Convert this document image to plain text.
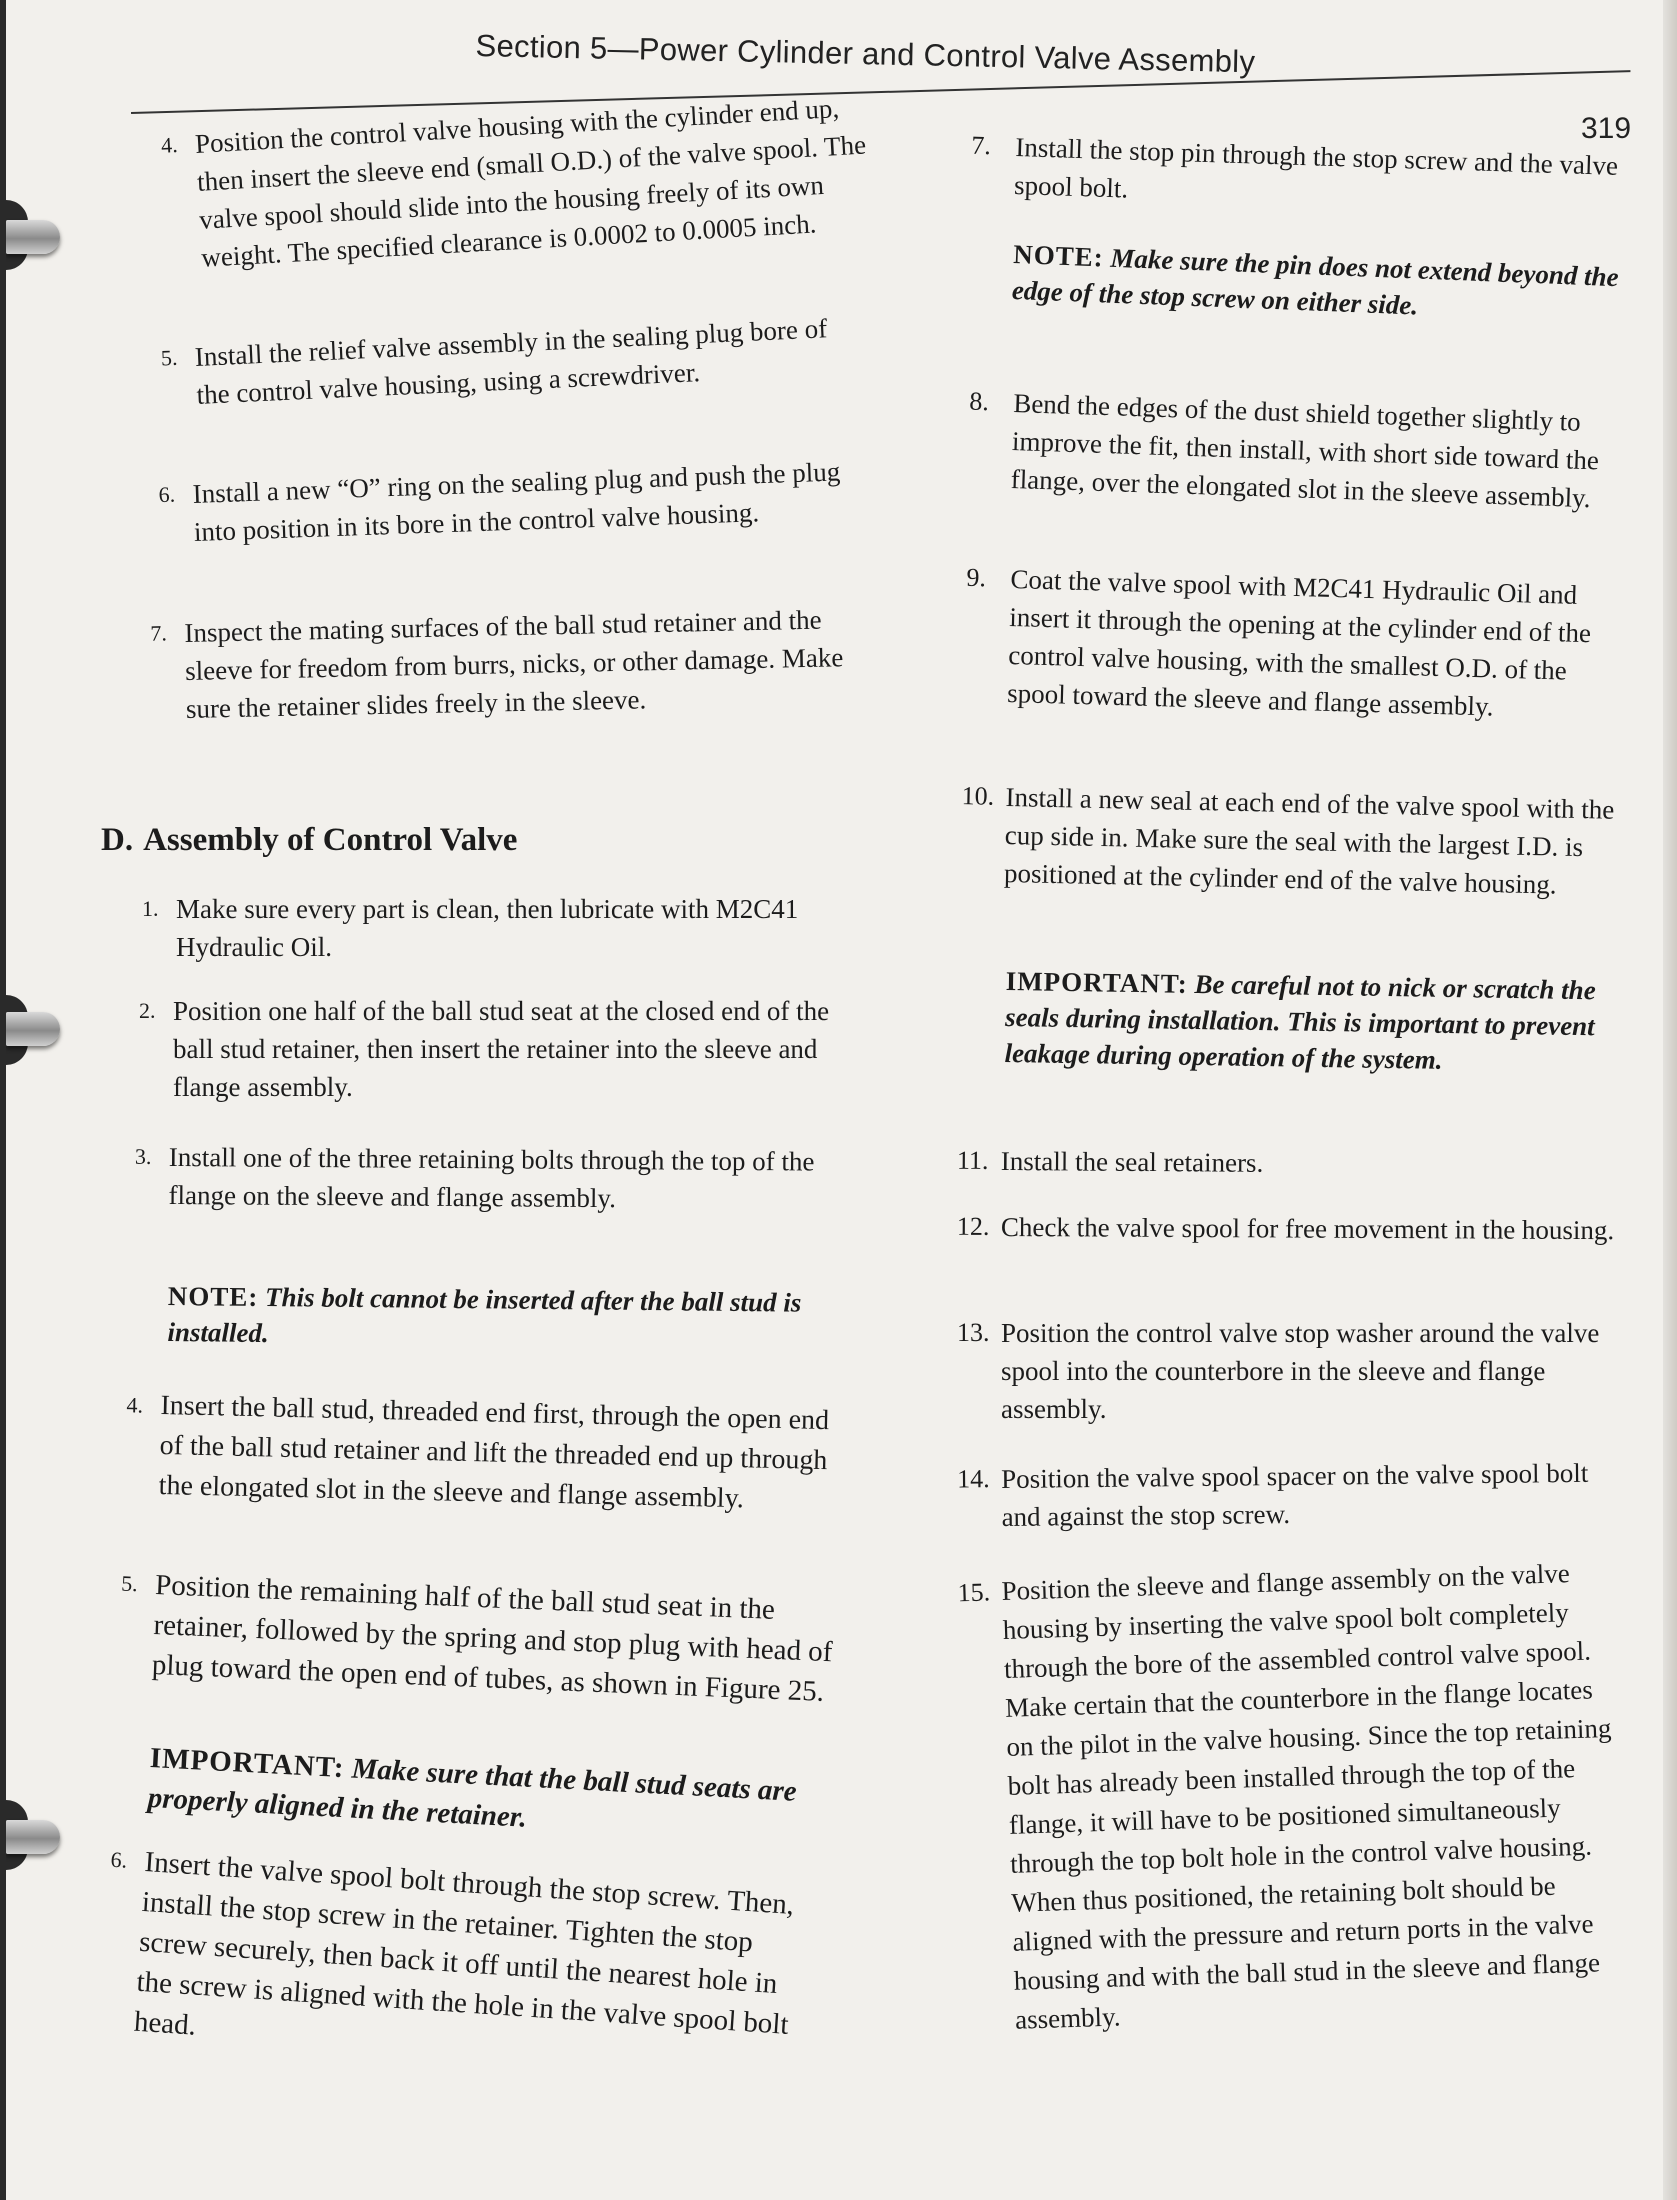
Section 5—Power Cylinder and Control Valve Assembly
319
4. Position the control valve housing with the cylinder end up, then insert the sleeve end (small O.D.) of the valve spool. The valve spool should slide into the housing freely of its own weight. The specified clearance is 0.0002 to 0.0005 inch.
5. Install the relief valve assembly in the sealing plug bore of the control valve housing, using a screwdriver.
6. Install a new “O” ring on the sealing plug and push the plug into position in its bore in the control valve housing.
7. Inspect the mating surfaces of the ball stud retainer and the sleeve for freedom from burrs, nicks, or other damage. Make sure the retainer slides freely in the sleeve.
D. Assembly of Control Valve
1. Make sure every part is clean, then lubricate with M2C41 Hydraulic Oil.
2. Position one half of the ball stud seat at the closed end of the ball stud retainer, then insert the retainer into the sleeve and flange assembly.
3. Install one of the three retaining bolts through the top of the flange on the sleeve and flange assembly.
NOTE: This bolt cannot be inserted after the ball stud is installed.
4. Insert the ball stud, threaded end first, through the open end of the ball stud retainer and lift the threaded end up through the elongated slot in the sleeve and flange assembly.
5. Position the remaining half of the ball stud seat in the retainer, followed by the spring and stop plug with head of plug toward the open end of tubes, as shown in Figure 25.
IMPORTANT: Make sure that the ball stud seats are properly aligned in the retainer.
6. Insert the valve spool bolt through the stop screw. Then, install the stop screw in the retainer. Tighten the stop screw securely, then back it off until the nearest hole in the screw is aligned with the hole in the valve spool bolt head.
7. Install the stop pin through the stop screw and the valve spool bolt.
NOTE: Make sure the pin does not extend beyond the edge of the stop screw on either side.
8. Bend the edges of the dust shield together slightly to improve the fit, then install, with short side toward the flange, over the elongated slot in the sleeve assembly.
9. Coat the valve spool with M2C41 Hydraulic Oil and insert it through the opening at the cylinder end of the control valve housing, with the smallest O.D. of the spool toward the sleeve and flange assembly.
10. Install a new seal at each end of the valve spool with the cup side in. Make sure the seal with the largest I.D. is positioned at the cylinder end of the valve housing.
IMPORTANT: Be careful not to nick or scratch the seals during installation. This is important to prevent leakage during operation of the system.
11. Install the seal retainers.
12. Check the valve spool for free movement in the housing.
13. Position the control valve stop washer around the valve spool into the counterbore in the sleeve and flange assembly.
14. Position the valve spool spacer on the valve spool bolt and against the stop screw.
15. Position the sleeve and flange assembly on the valve housing by inserting the valve spool bolt completely through the bore of the assembled control valve spool. Make certain that the counterbore in the flange locates on the pilot in the valve housing. Since the top retaining bolt has already been installed through the top of the flange, it will have to be positioned simultaneously through the top bolt hole in the control valve housing. When thus positioned, the retaining bolt should be aligned with the pressure and return ports in the valve housing and with the ball stud in the sleeve and flange assembly.
